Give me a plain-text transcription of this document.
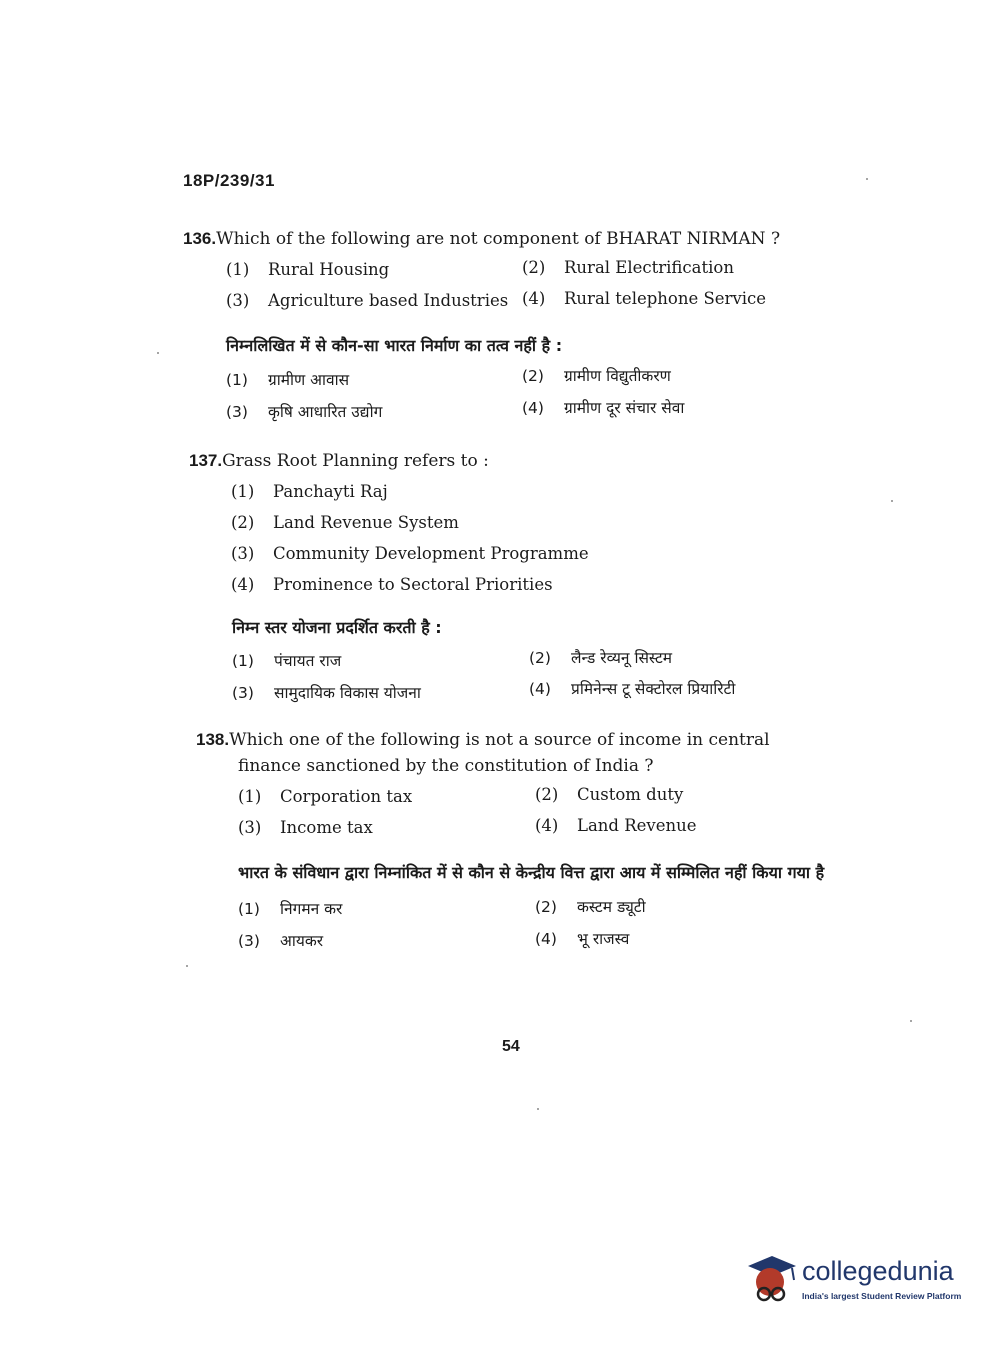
18P/239/31
136.Which of the following are not component of BHARAT NIRMAN ?
(1) Rural Housing	(2) Rural Electrification
(3) Agriculture based Industries (4) Rural telephone Service
निम्नलिखित में से कौन-सा भारत निर्माण का तत्व नहीं है :
(1) ग्रामीण आवास	(2) ग्रामीण विद्युतीकरण
(3) कृषि आधारित उद्योग	(4) ग्रामीण दूर संचार सेवा
137.Grass Root Planning refers to :
(1) Panchayti Raj
(2) Land Revenue System
(3) Community Development Programme
(4) Prominence to Sectoral Priorities
निम्न स्तर योजना प्रदर्शित करती है :
(1) पंचायत राज	(2) लैन्ड रेव्यनू सिस्टम
(3) सामुदायिक विकास योजना	(4) प्रमिनेन्स टू सेक्टोरल प्रियारिटी
138.Which one of the following is not a source of income in central finance sanctioned by the constitution of India ?
(1) Corporation tax	(2) Custom duty
(3) Income tax	(4) Land Revenue
भारत के संविधान द्वारा निम्नांकित में से कौन से केन्द्रीय वित्त द्वारा आय में सम्मिलित नहीं किया गया है
(1) निगमन कर	(2) कस्टम ड्यूटी
(3) आयकर	(4) भू राजस्व
54
collegedunia
India's largest Student Review Platform
